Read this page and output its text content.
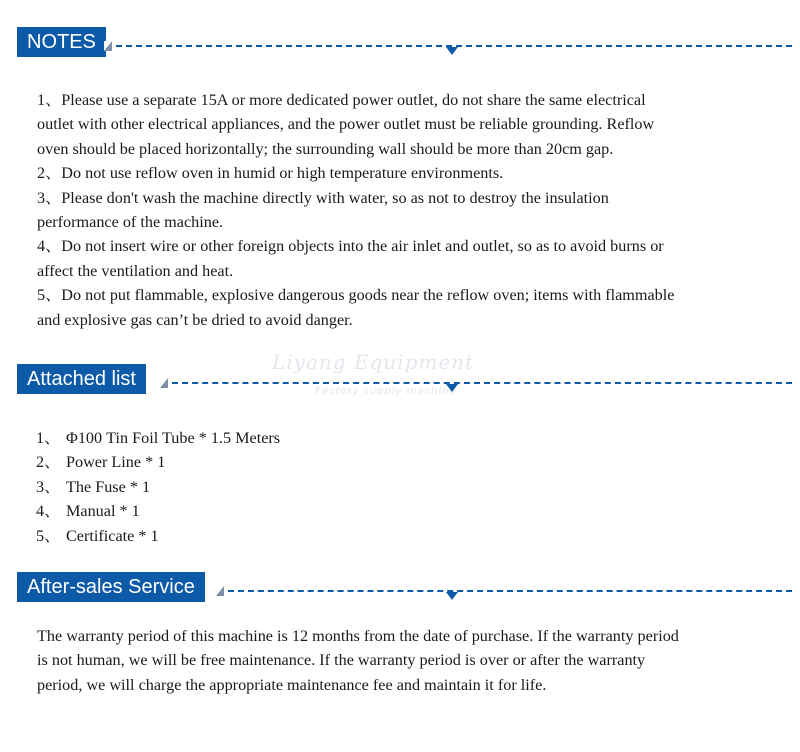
Liyang Equipment
Factory supply machine
NOTES

1、Please use a separate 15A or more dedicated power outlet, do not share the same electrical

outlet with other electrical appliances, and the power outlet must be reliable grounding. Reflow

oven should be placed horizontally; the surrounding wall should be more than 20cm gap.

2、Do not use reflow oven in humid or high temperature environments.

3、Please don't wash the machine directly with water, so as not to destroy the insulation

performance of the machine.

4、Do not insert wire or other foreign objects into the air inlet and outlet, so as to avoid burns or

affect the ventilation and heat.

5、Do not put flammable, explosive dangerous goods near the reflow oven; items with flammable

and explosive gas can’t be dried to avoid danger.

Attached list
1、 Φ100 Tin Foil Tube * 1.5 Meters
2、 Power Line * 1
3、 The Fuse * 1
4、 Manual * 1
5、 Certificate * 1
After-sales Service

The warranty period of this machine is 12 months from the date of purchase. If the warranty period

is not human, we will be free maintenance. If the warranty period is over or after the warranty

period, we will charge the appropriate maintenance fee and maintain it for life.
